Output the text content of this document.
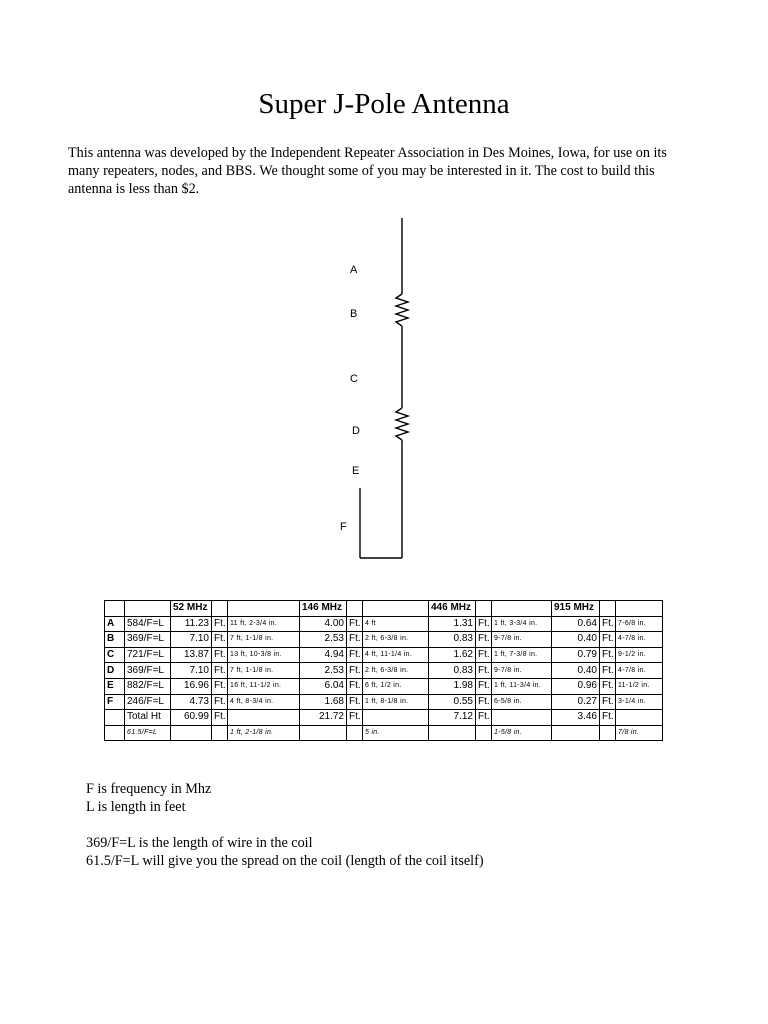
Super J-Pole Antenna

This antenna was developed by the Independent Repeater Association in Des Moines, Iowa, for use on its many repeaters, nodes, and BBS. We thought some of you may be interested in it. The cost to build this antenna is less than $2.

A
B
C
D
E
F
		52 MHz			146 MHz			446 MHz			915 MHz		
A	584/F=L	11.23	Ft.	11 ft, 2-3/4 in.	4.00	Ft.	4 ft	1.31	Ft.	1 ft, 3-3/4 in.	0.64	Ft.	7-6/8 in.
B	369/F=L	7.10	Ft.	7 ft, 1-1/8 in.	2.53	Ft.	2 ft, 6-3/8 in.	0.83	Ft.	9-7/8 in.	0.40	Ft.	4-7/8 in.
C	721/F=L	13.87	Ft.	13 ft, 10-3/8 in.	4.94	Ft.	4 ft, 11-1/4 in.	1.62	Ft.	1 ft, 7-3/8 in.	0.79	Ft.	9-1/2 in.
D	369/F=L	7.10	Ft.	7 ft, 1-1/8 in.	2.53	Ft.	2 ft, 6-3/8 in.	0.83	Ft.	9-7/8 in.	0.40	Ft.	4-7/8 in.
E	882/F=L	16.96	Ft.	16 ft, 11-1/2 in.	6.04	Ft.	6 ft, 1/2 in.	1.98	Ft.	1 ft, 11-3/4 in.	0.96	Ft.	11-1/2 in.
F	246/F=L	4.73	Ft.	4 ft, 8-3/4 in.	1.68	Ft.	1 ft, 8-1/8 in.	0.55	Ft.	6-5/8 in.	0.27	Ft.	3-1/4 in.
	Total Ht	60.99	Ft.		21.72	Ft.		7.12	Ft.		3.46	Ft.	
	61.5/F=L			1 ft, 2-1/8 in.			5 in.			1-5/8 in.			7/8 in.

F is frequency in Mhz

L is length in feet

369/F=L is the length of wire in the coil

61.5/F=L will give you the spread on the coil (length of the coil itself)
